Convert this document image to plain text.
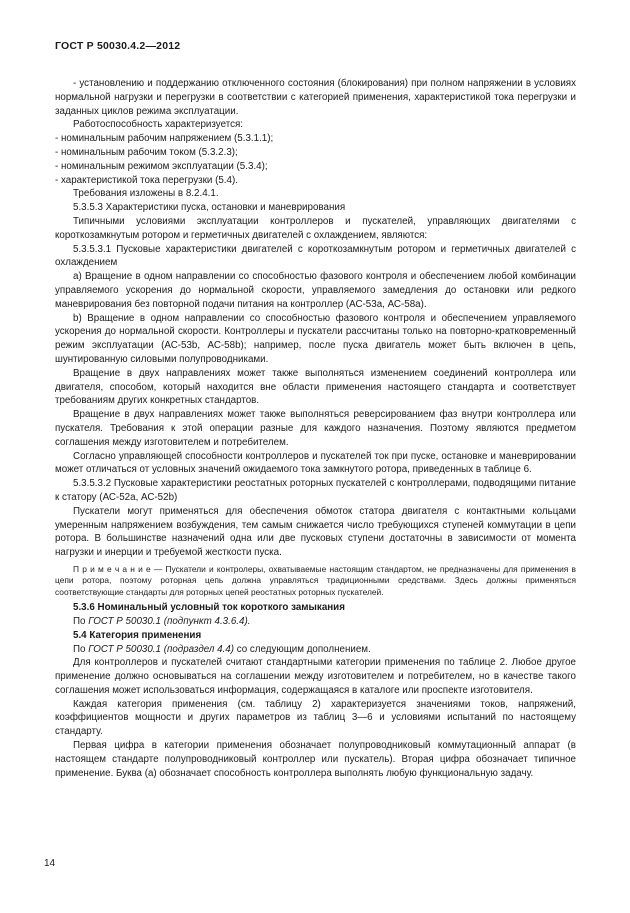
ГОСТ Р 50030.4.2—2012

- установлению и поддержанию отключенного состояния (блокирования) при полном напряжении в условиях нормальной нагрузки и перегрузки в соответствии с категорией применения, характеристикой тока перегрузки и заданных циклов режима эксплуатации.

Работоспособность характеризуется:

- номинальным рабочим напряжением (5.3.1.1);

- номинальным рабочим током (5.3.2.3);

- номинальным режимом эксплуатации (5.3.4);

- характеристикой тока перегрузки (5.4).

Требования изложены в 8.2.4.1.

5.3.5.3 Характеристики пуска, остановки и маневрирования

Типичными условиями эксплуатации контроллеров и пускателей, управляющих двигателями с короткозамкнутым ротором и герметичных двигателей с охлаждением, являются:

5.3.5.3.1 Пусковые характеристики двигателей с короткозамкнутым ротором и герметичных двигателей с охлаждением

а) Вращение в одном направлении со способностью фазового контроля и обеспечением любой комбинации управляемого ускорения до нормальной скорости, управляемого замедления до остановки или редкого маневрирования без повторной подачи питания на контроллер (АС-53а, АС-58а).

b) Вращение в одном направлении со способностью фазового контроля и обеспечением управляемого ускорения до нормальной скорости. Контроллеры и пускатели рассчитаны только на повторно-кратковременный режим эксплуатации (АС-53b, АС-58b); например, после пуска двигатель может быть включен в цепь, шунтированную силовыми полупроводниками.

Вращение в двух направлениях может также выполняться изменением соединений контроллера или двигателя, способом, который находится вне области применения настоящего стандарта и соответствует требованиям других конкретных стандартов.

Вращение в двух направлениях может также выполняться реверсированием фаз внутри контроллера или пускателя. Требования к этой операции разные для каждого назначения. Поэтому являются предметом соглашения между изготовителем и потребителем.

Согласно управляющей способности контроллеров и пускателей ток при пуске, остановке и маневрировании может отличаться от условных значений ожидаемого тока замкнутого ротора, приведенных в таблице 6.

5.3.5.3.2 Пусковые характеристики реостатных роторных пускателей с контроллерами, подводящими питание к статору (АС-52а, АС-52b)

Пускатели могут применяться для обеспечения обмоток статора двигателя с контактными кольцами умеренным напряжением возбуждения, тем самым снижается число требующихся ступеней коммутации в цепи ротора. В большинстве назначений одна или две пусковых ступени достаточны в зависимости от момента нагрузки и инерции и требуемой жесткости пуска.

П р и м е ч а н и е — Пускатели и контролеры, охватываемые настоящим стандартом, не предназначены для применения в цепи ротора, поэтому роторная цепь должна управляться традиционными средствами. Здесь должны применяться соответствующие стандарты для роторных цепей реостатных роторных пускателей.

5.3.6 Номинальный условный ток короткого замыкания

По ГОСТ Р 50030.1 (подпункт 4.3.6.4).

5.4 Категория применения

По ГОСТ Р 50030.1 (подраздел 4.4) со следующим дополнением.

Для контроллеров и пускателей считают стандартными категории применения по таблице 2. Любое другое применение должно основываться на соглашении между изготовителем и потребителем, но в качестве такого соглашения может использоваться информация, содержащаяся в каталоге или проспекте изготовителя.

Каждая категория применения (см. таблицу 2) характеризуется значениями токов, напряжений, коэффициентов мощности и других параметров из таблиц 3—6 и условиями испытаний по настоящему стандарту.

Первая цифра в категории применения обозначает полупроводниковый коммутационный аппарат (в настоящем стандарте полупроводниковый контроллер или пускатель). Вторая цифра обозначает типичное применение. Буква (а) обозначает способность контроллера выполнять любую функциональную задачу.

14
